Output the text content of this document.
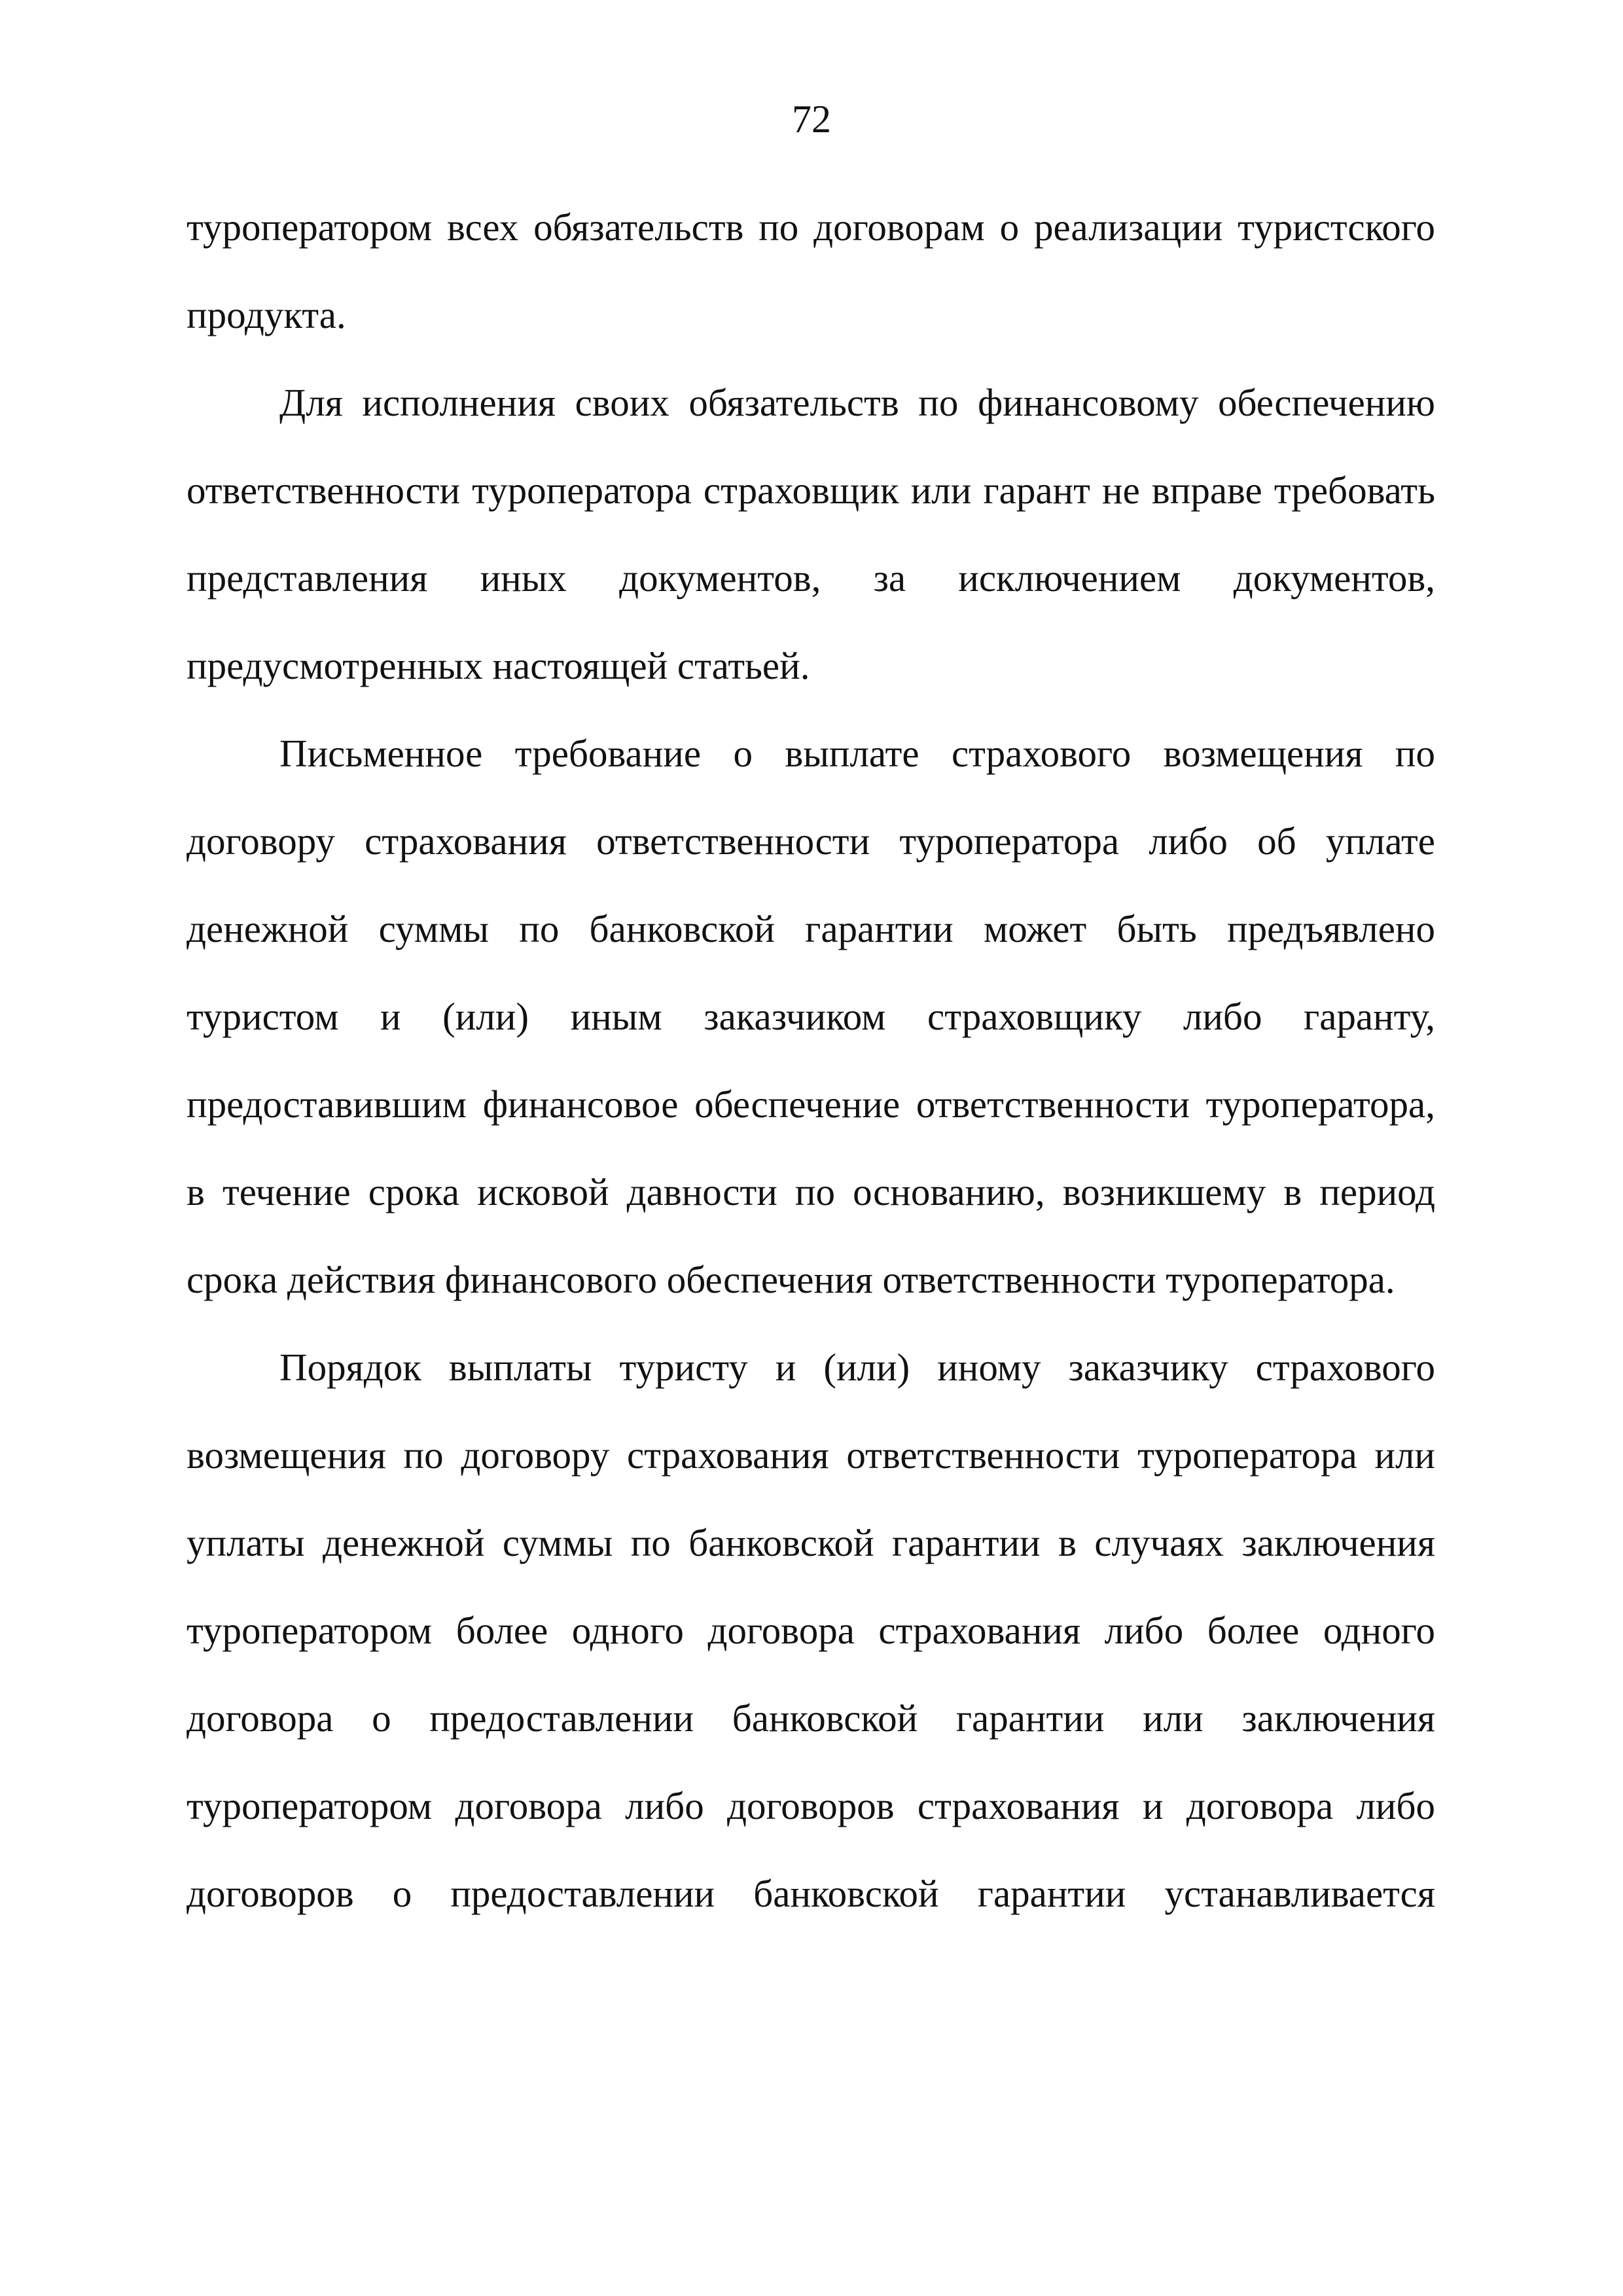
72
туроператором всех обязательств по договорам о реализации туристского
продукта.
Для исполнения своих обязательств по финансовому обеспечению
ответственности туроператора страховщик или гарант не вправе требовать
представления иных документов, за исключением документов,
предусмотренных настоящей статьей.
Письменное требование о выплате страхового возмещения по
договору страхования ответственности туроператора либо об уплате
денежной суммы по банковской гарантии может быть предъявлено
туристом и (или) иным заказчиком страховщику либо гаранту,
предоставившим финансовое обеспечение ответственности туроператора,
в течение срока исковой давности по основанию, возникшему в период
срока действия финансового обеспечения ответственности туроператора.
Порядок выплаты туристу и (или) иному заказчику страхового
возмещения по договору страхования ответственности туроператора или
уплаты денежной суммы по банковской гарантии в случаях заключения
туроператором более одного договора страхования либо более одного
договора о предоставлении банковской гарантии или заключения
туроператором договора либо договоров страхования и договора либо
договоров о предоставлении банковской гарантии устанавливается
